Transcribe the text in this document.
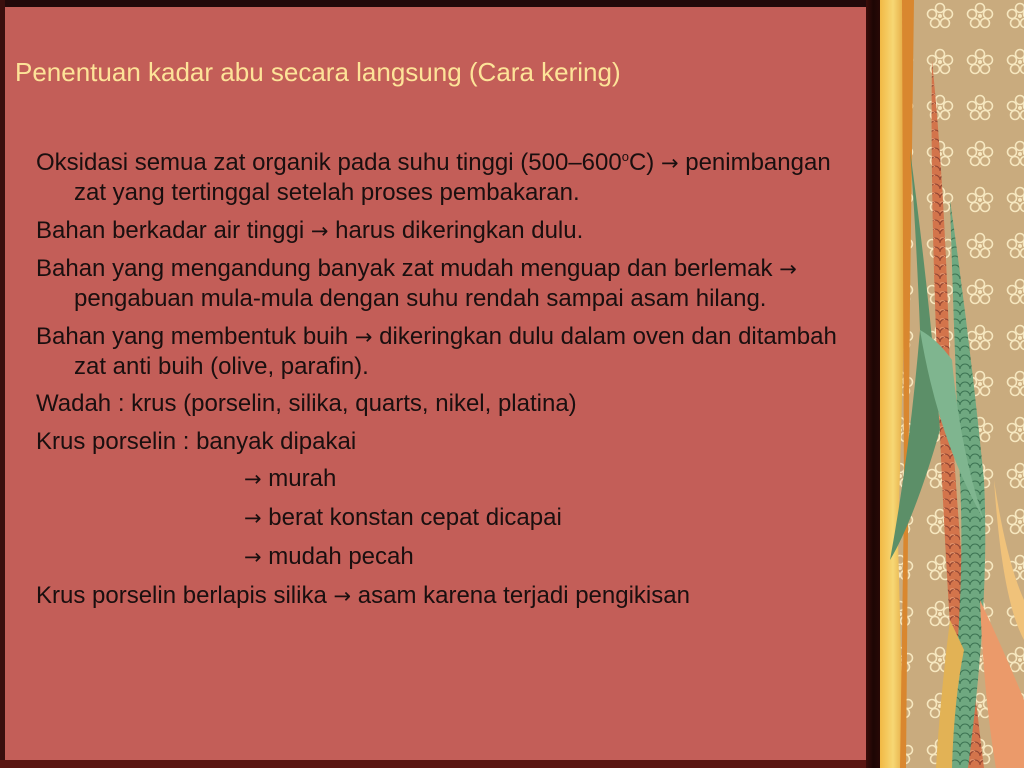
Penentuan kadar abu secara langsung (Cara kering)
Oksidasi semua zat organik pada suhu tinggi $(500-600^oC)$ → penimbangan zat yang tertinggal setelah proses pembakaran.
Bahan berkadar air tinggi → harus dikeringkan dulu.
Bahan yang mengandung banyak zat mudah menguap dan berlemak → pengabuan mula-mula dengan suhu rendah sampai asam hilang.
Bahan yang membentuk buih → dikeringkan dulu dalam oven dan ditambah zat anti buih (olive, parafin).
Wadah : krus (porselin, silika, quarts, nikel, platina)
Krus porselin : banyak dipakai
→ murah
→ berat konstan cepat dicapai
→ mudah pecah
Krus porselin berlapis silika → asam karena terjadi pengikisan
